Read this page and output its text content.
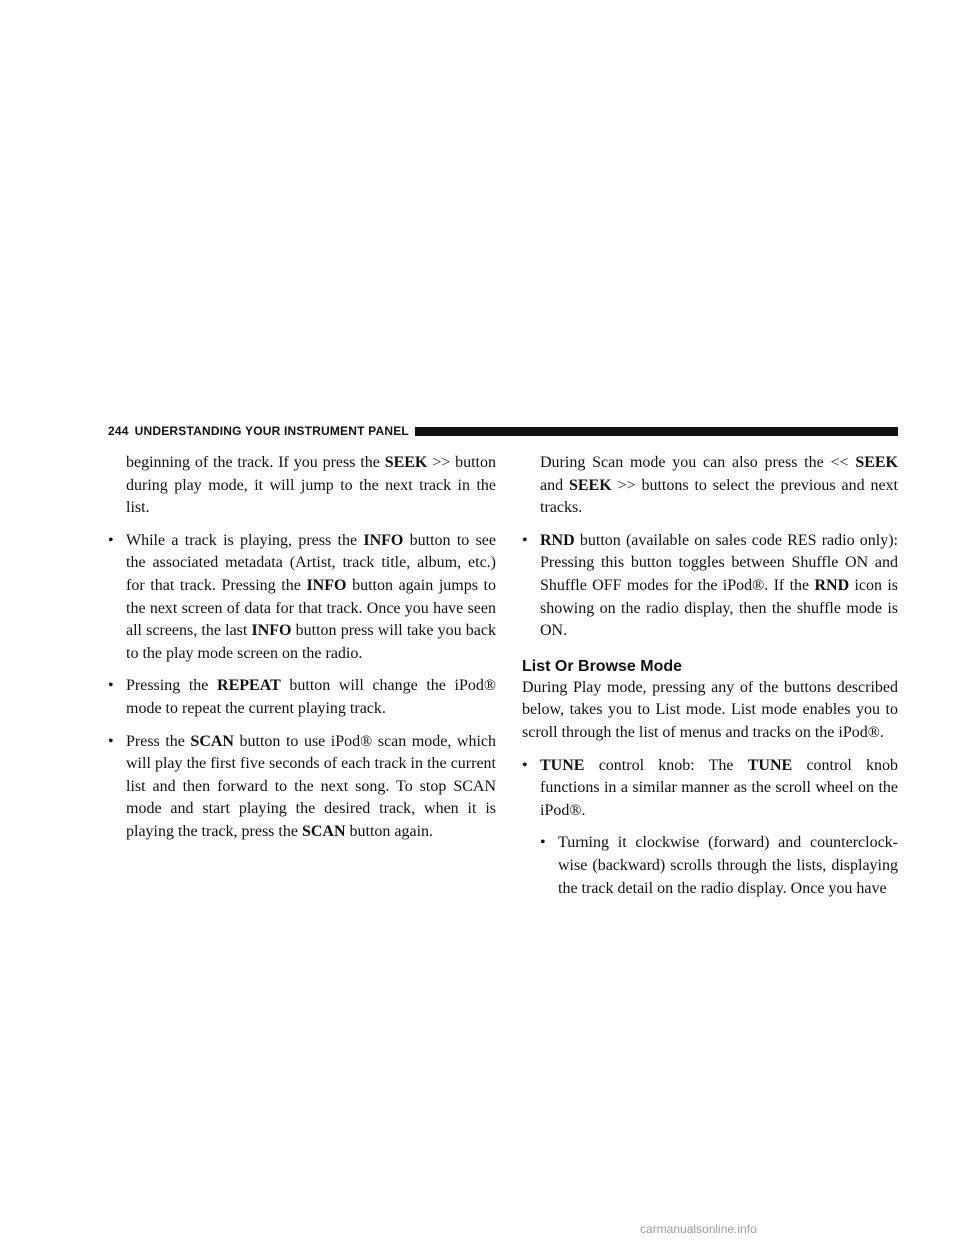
244 UNDERSTANDING YOUR INSTRUMENT PANEL

beginning of the track. If you press the SEEK >> button during play mode, it will jump to the next track in the list.

• While a track is playing, press the INFO button to see the associated metadata (Artist, track title, album, etc.) for that track. Pressing the INFO button again jumps to the next screen of data for that track. Once you have seen all screens, the last INFO button press will take you back to the play mode screen on the radio.
• Pressing the REPEAT button will change the iPod® mode to repeat the current playing track.
• Press the SCAN button to use iPod® scan mode, which will play the first five seconds of each track in the current list and then forward to the next song. To stop SCAN mode and start playing the desired track, when it is playing the track, press the SCAN button again.

During Scan mode you can also press the << SEEK and SEEK >> buttons to select the previous and next tracks.

• RND button (available on sales code RES radio only): Pressing this button toggles between Shuffle ON and Shuffle OFF modes for the iPod®. If the RND icon is showing on the radio display, then the shuffle mode is ON.
List Or Browse Mode

During Play mode, pressing any of the buttons described below, takes you to List mode. List mode enables you to scroll through the list of menus and tracks on the iPod®.

• TUNE control knob: The TUNE control knob functions in a similar manner as the scroll wheel on the iPod®.
• Turning it clockwise (forward) and counterclock-wise (backward) scrolls through the lists, displaying the track detail on the radio display. Once you have
carmanualsonline.info
